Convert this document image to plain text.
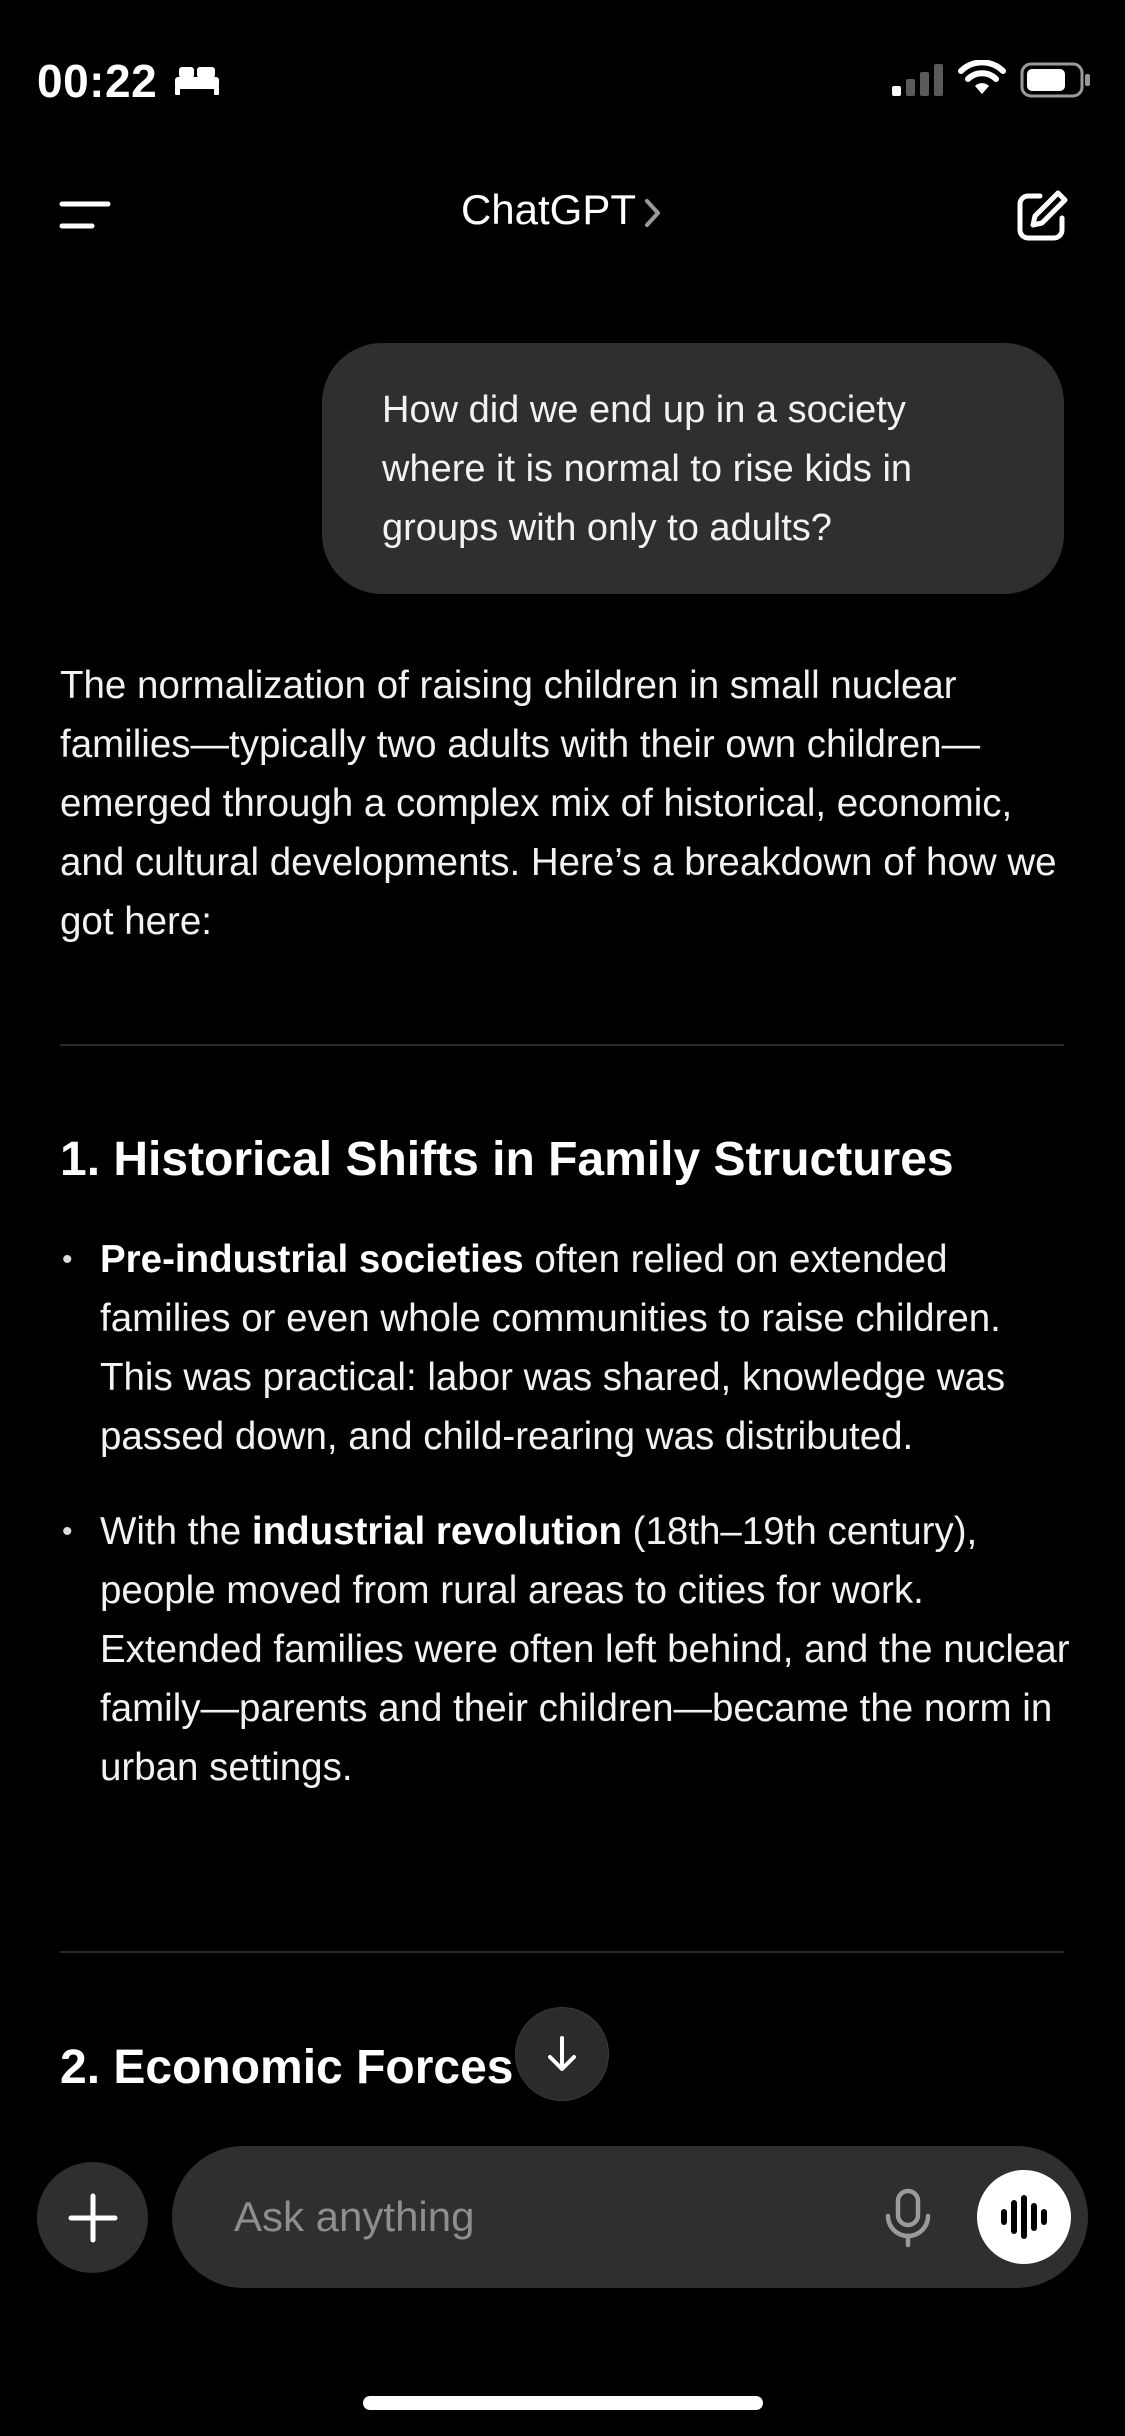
00:22
ChatGPT
How did we end up in a society where it is normal to rise kids in groups with only to adults?

The normalization of raising children in small nuclear families—typically two adults with their own children—emerged through a complex mix of historical, economic, and cultural developments. Here’s a breakdown of how we got here:

1. Historical Shifts in Family Structures
• Pre-industrial societies often relied on extended families or even whole communities to raise children. This was practical: labor was shared, knowledge was passed down, and child-rearing was distributed.
• With the industrial revolution (18th–19th century), people moved from rural areas to cities for work. Extended families were often left behind, and the nuclear family—parents and their children—became the norm in urban settings.
2. Economic Forces
Ask anything
